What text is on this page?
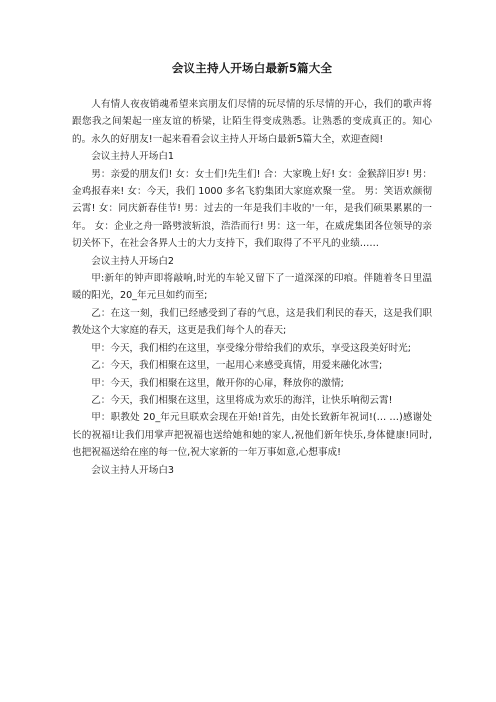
会议主持人开场白最新5篇大全

人有情人夜夜销魂希望来宾朋友们尽情的玩尽情的乐尽情的开心，我们的歌声将跟您我之间架起一座友谊的桥梁，让陌生得变成熟悉。让熟悉的变成真正的。知心的。永久的好朋友!一起来看看会议主持人开场白最新5篇大全，欢迎查阅!

会议主持人开场白1

男：亲爱的朋友们! 女：女士们!先生们! 合：大家晚上好! 女：金猴辞旧岁! 男：金鸡报春来! 女：今天，我们 1000 多名飞豹集团大家庭欢聚一堂。 男：笑语欢颜彻云霄! 女：同庆新春佳节! 男：过去的一年是我们丰收的'一年，是我们硕果累累的一年。 女：企业之舟一路劈波斩浪，浩浩而行! 男：这一年，在威虎集团各位领导的亲切关怀下，在社会各界人士的大力支持下，我们取得了不平凡的业绩……

会议主持人开场白2

甲:新年的钟声即将敲响,时光的车轮又留下了一道深深的印痕。伴随着冬日里温暖的阳光，20_年元旦如约而至;

乙：在这一刻，我们已经感受到了春的气息，这是我们利民的春天，这是我们职教处这个大家庭的春天，这更是我们每个人的春天;

甲：今天，我们相约在这里，享受缘分带给我们的欢乐，享受这段美好时光;

乙：今天，我们相聚在这里，一起用心来感受真情，用爱来融化冰雪;

甲：今天，我们相聚在这里，敞开你的心扉，释放你的激情;

乙：今天，我们相聚在这里，这里将成为欢乐的海洋，让快乐响彻云霄!

甲：职教处 20_年元旦联欢会现在开始!首先，由处长致新年祝词!(… …)感谢处长的祝福!让我们用掌声把祝福也送给她和她的家人,祝他们新年快乐,身体健康!同时,也把祝福送给在座的每一位,祝大家新的一年万事如意,心想事成!

会议主持人开场白3
